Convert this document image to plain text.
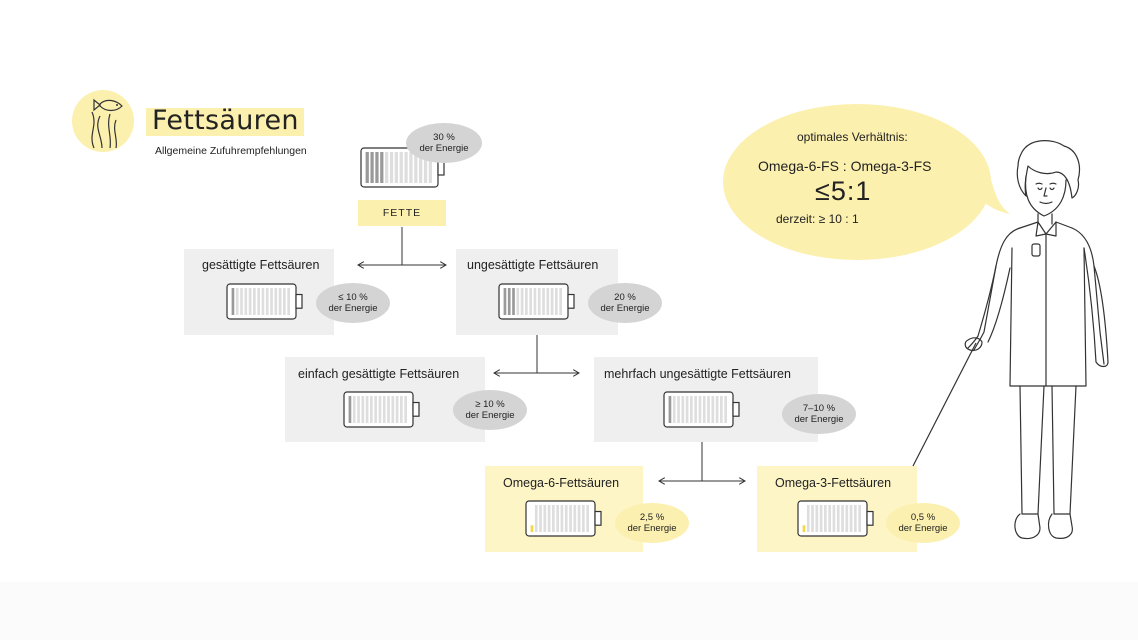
Fettsäuren
Allgemeine Zufuhrempfehlungen
gesättigte Fettsäuren	ungesättigte Fettsäuren
einfach gesättigte Fettsäuren	mehrfach ungesättigte Fettsäuren
Omega-6-Fettsäuren	Omega-3-Fettsäuren
FETTE
30 %
der Energie
≤ 10 %
der Energie
20 %
der Energie
≥ 10 %
der Energie
7–10 %
der Energie
2,5 %
der Energie
0,5 %
der Energie
optimales Verhältnis:
Omega-6-FS : Omega-3-FS
≤5:1
derzeit: ≥ 10 : 1
